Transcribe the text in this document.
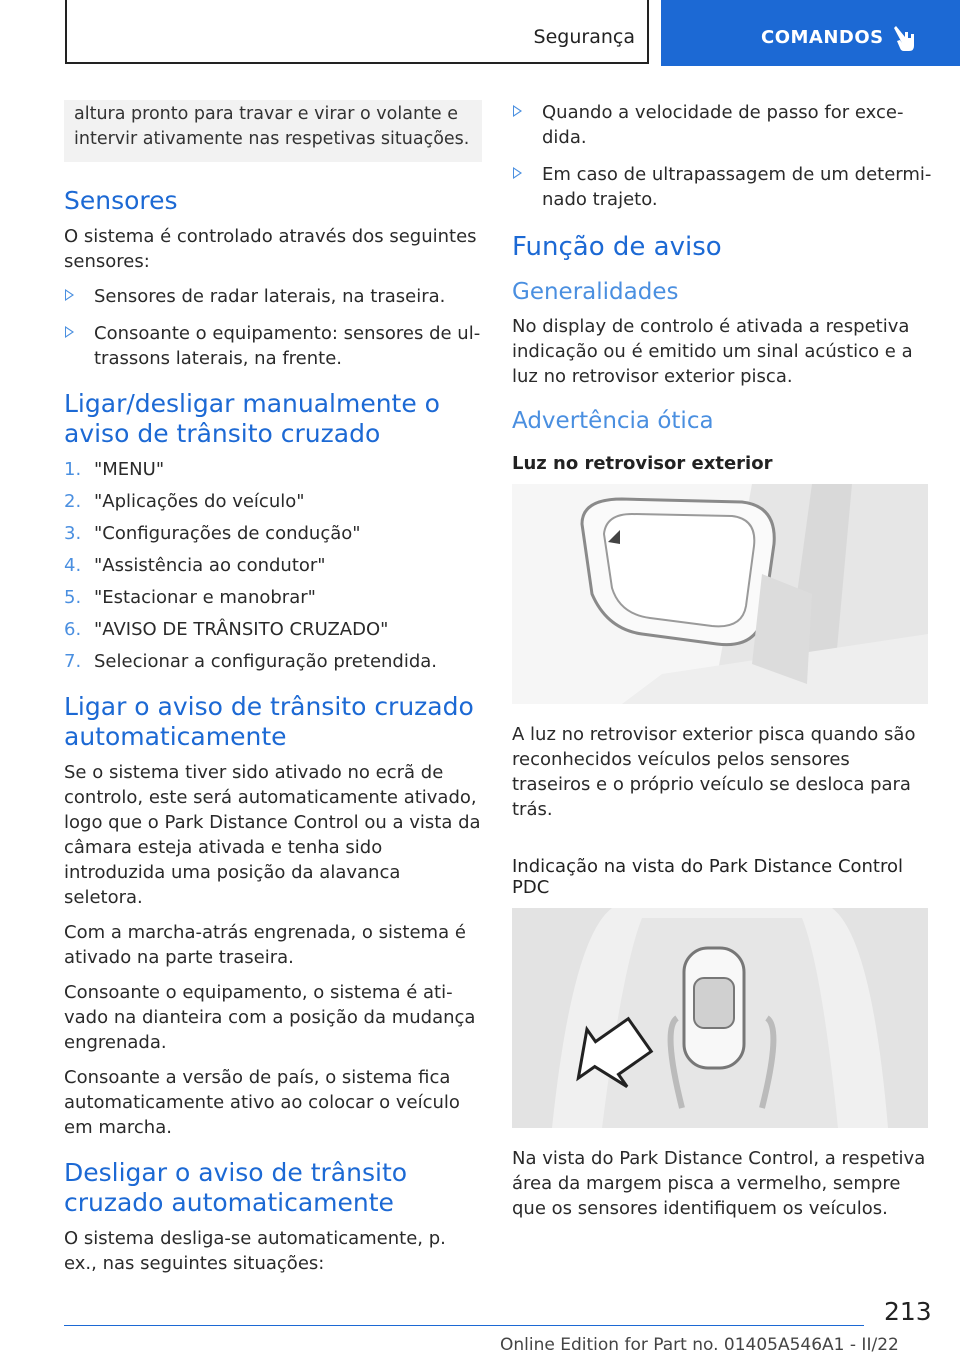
Segurança	COMANDOS
altura pronto para travar e virar o volante e intervir ativamente nas respetivas situações.
Sensores

O sistema é controlado através dos seguintes sensores:

Sensores de radar laterais, na traseira.
Consoante o equipamento: sensores de ultrassons laterais, na frente.
Ligar/desligar manualmente o aviso de trânsito cruzado
1. "MENU"
2. "Aplicações do veículo"
3. "Configurações de condução"
4. "Assistência ao condutor"
5. "Estacionar e manobrar"
6. "AVISO DE TRÂNSITO CRUZADO"
7. Selecionar a configuração pretendida.
Ligar o aviso de trânsito cruzado automaticamente

Se o sistema tiver sido ativado no ecrã de controlo, este será automaticamente ativado, logo que o Park Distance Control ou a vista da câmara esteja ativada e tenha sido introduzida uma posição da alavanca seletora.

Com a marcha-atrás engrenada, o sistema é ativado na parte traseira.

Consoante o equipamento, o sistema é ativado na dianteira com a posição da mudança engrenada.

Consoante a versão de país, o sistema fica automaticamente ativo ao colocar o veículo em marcha.

Desligar o aviso de trânsito cruzado automaticamente

O sistema desliga-se automaticamente, p. ex., nas seguintes situações:

Quando a velocidade de passo for excedida.
Em caso de ultrapassagem de um determinado trajeto.
Função de aviso
Generalidades

No display de controlo é ativada a respetiva indicação ou é emitido um sinal acústico e a luz no retrovisor exterior pisca.

Advertência ótica
Luz no retrovisor exterior

A luz no retrovisor exterior pisca quando são reconhecidos veículos pelos sensores traseiros e o próprio veículo se desloca para trás.

Indicação na vista do Park Distance Control PDC

Na vista do Park Distance Control, a respetiva área da margem pisca a vermelho, sempre que os sensores identifiquem os veículos.

213
Online Edition for Part no. 01405A546A1 - II/22
